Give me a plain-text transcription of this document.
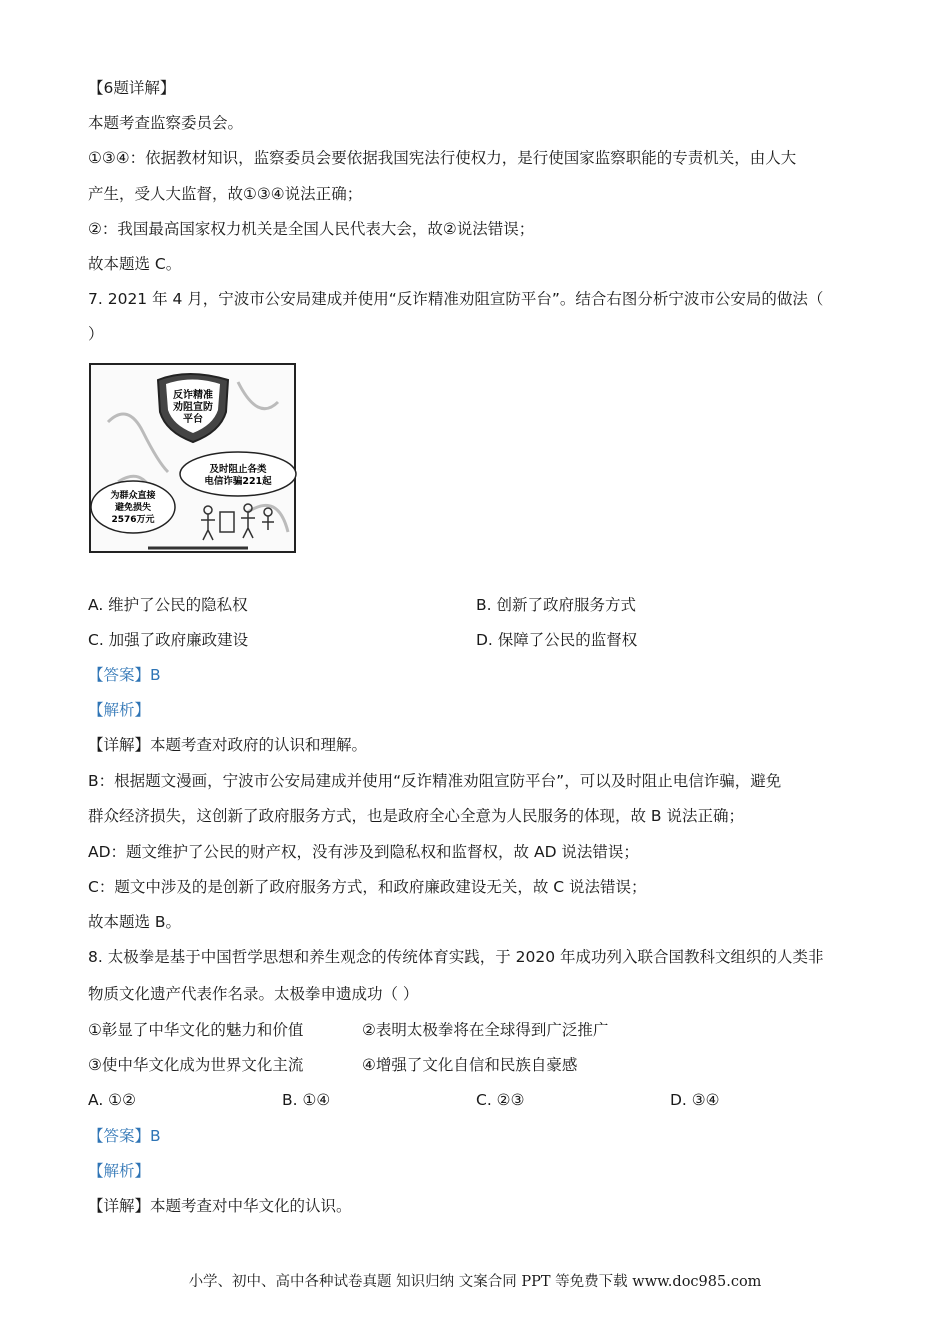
【6题详解】
本题考查监察委员会。
①③④：依据教材知识，监察委员会要依据我国宪法行使权力，是行使国家监察职能的专责机关，由人大
产生，受人大监督，故①③④说法正确；
②：我国最高国家权力机关是全国人民代表大会，故②说法错误；
故本题选 C。
7. 2021 年 4 月，宁波市公安局建成并使用“反诈精准劝阻宣防平台”。结合右图分析宁波市公安局的做法（
）
反诈精准
劝阻宣防
平台
及时阻止各类
电信诈骗221起
为群众直接
避免损失
2576万元
A. 维护了公民的隐私权	B. 创新了政府服务方式
C. 加强了政府廉政建设	D. 保障了公民的监督权
【答案】B
【解析】
【详解】本题考查对政府的认识和理解。
B：根据题文漫画，宁波市公安局建成并使用“反诈精准劝阻宣防平台”，可以及时阻止电信诈骗，避免
群众经济损失，这创新了政府服务方式，也是政府全心全意为人民服务的体现，故 B 说法正确；
AD：题文维护了公民的财产权，没有涉及到隐私权和监督权，故 AD 说法错误；
C：题文中涉及的是创新了政府服务方式，和政府廉政建设无关，故 C 说法错误；
故本题选 B。
8. 太极拳是基于中国哲学思想和养生观念的传统体育实践，于 2020 年成功列入联合国教科文组织的人类非
物质文化遗产代表作名录。太极拳申遗成功（ ）
①彰显了中华文化的魅力和价值	②表明太极拳将在全球得到广泛推广
③使中华文化成为世界文化主流	④增强了文化自信和民族自豪感
A. ①②	B. ①④	C. ②③	D. ③④
【答案】B
【解析】
【详解】本题考查对中华文化的认识。
小学、初中、高中各种试卷真题 知识归纳 文案合同 PPT 等免费下载 www.doc985.com
